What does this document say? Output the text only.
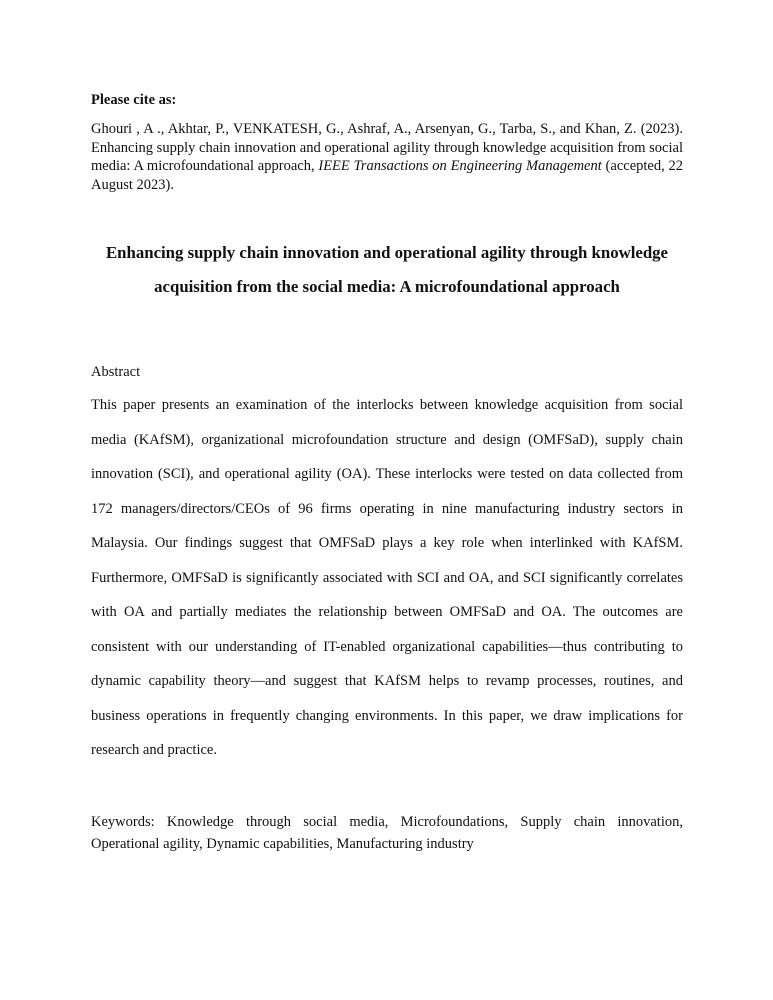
Please cite as:

Ghouri , A ., Akhtar, P., VENKATESH, G., Ashraf, A., Arsenyan, G., Tarba, S., and Khan, Z. (2023). Enhancing supply chain innovation and operational agility through knowledge acquisition from social media: A microfoundational approach, IEEE Transactions on Engineering Management (accepted, 22 August 2023).

Enhancing supply chain innovation and operational agility through knowledge acquisition from the social media: A microfoundational approach

Abstract

This paper presents an examination of the interlocks between knowledge acquisition from social media (KAfSM), organizational microfoundation structure and design (OMFSaD), supply chain innovation (SCI), and operational agility (OA). These interlocks were tested on data collected from 172 managers/directors/CEOs of 96 firms operating in nine manufacturing industry sectors in Malaysia. Our findings suggest that OMFSaD plays a key role when interlinked with KAfSM. Furthermore, OMFSaD is significantly associated with SCI and OA, and SCI significantly correlates with OA and partially mediates the relationship between OMFSaD and OA. The outcomes are consistent with our understanding of IT-enabled organizational capabilities—thus contributing to dynamic capability theory—and suggest that KAfSM helps to revamp processes, routines, and business operations in frequently changing environments. In this paper, we draw implications for research and practice.

Keywords: Knowledge through social media, Microfoundations, Supply chain innovation, Operational agility, Dynamic capabilities, Manufacturing industry
